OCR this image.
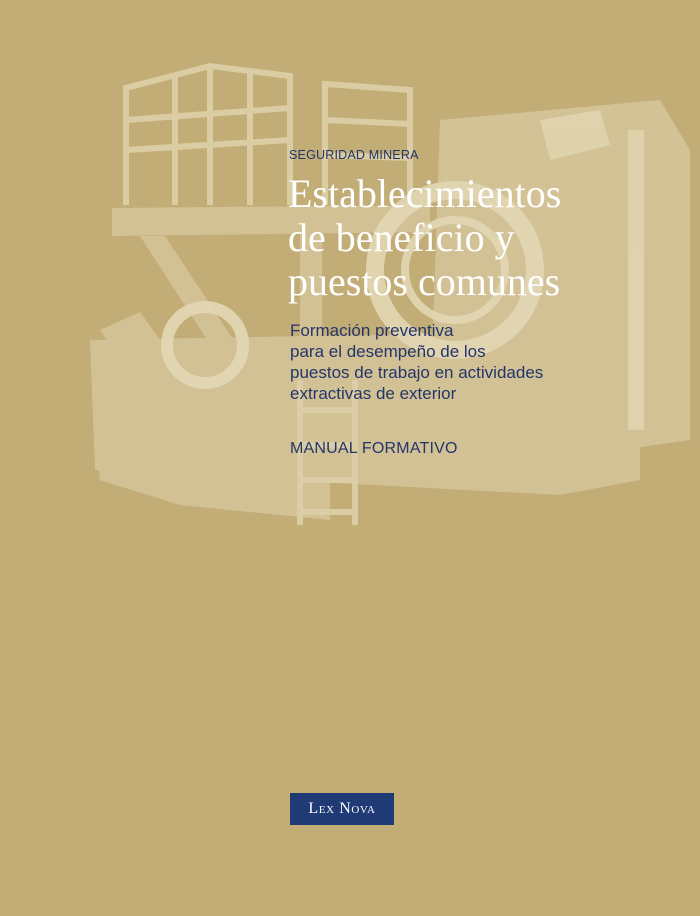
SEGURIDAD MINERA
Establecimientos
de beneficio y
puestos comunes
Formación preventiva
para el desempeño de los
puestos de trabajo en actividades
extractivas de exterior
MANUAL FORMATIVO
Lex Nova
